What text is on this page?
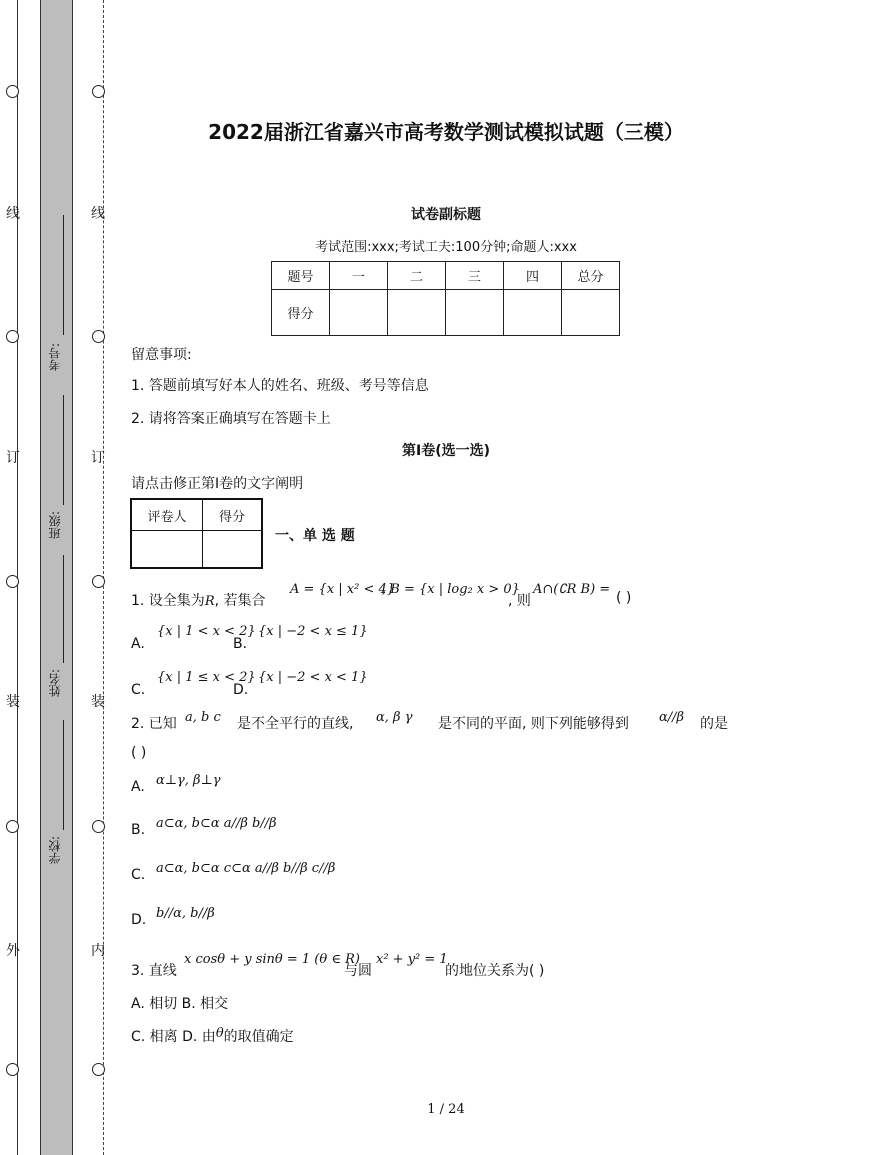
线
订
装
外
线
订
装
内
考号:
班级:
姓名:
学校:
2022届浙江省嘉兴市高考数学测试模拟试题（三模）
试卷副标题
考试范围:xxx;考试工夫:100分钟;命题人:xxx
题号	一	二	三	四	总分
得分					
留意事项:
1. 答题前填写好本人的姓名、班级、考号等信息
2. 请将答案正确填写在答题卡上
第I卷(选一选)
请点击修正第I卷的文字阐明
评卷人	得分

一、单 选 题
1. 设全集为R, 若集合
A = {x | x² < 4}
, B = {x | log₂ x > 0}
, 则
A∩(∁R B) =
( )
A.
{x | 1 < x < 2}
B.
{x | −2 < x ≤ 1}
C.
{x | 1 ≤ x < 2}
D.
{x | −2 < x < 1}
2. 已知 a, b c 是不全平行的直线, α, β γ 是不同的平面, 则下列能够得到 α//β 的是
( )
A. α⊥γ, β⊥γ
B. a⊂α, b⊂α a//β b//β
C. a⊂α, b⊂α c⊂α a//β b//β c//β
D. b//α, b//β
3. 直线
x cosθ + y sinθ = 1 (θ ∈ R)
与圆
x² + y² = 1
的地位关系为( )
A. 相切 B. 相交
C. 相离 D. 由θ的取值确定
1 / 24
